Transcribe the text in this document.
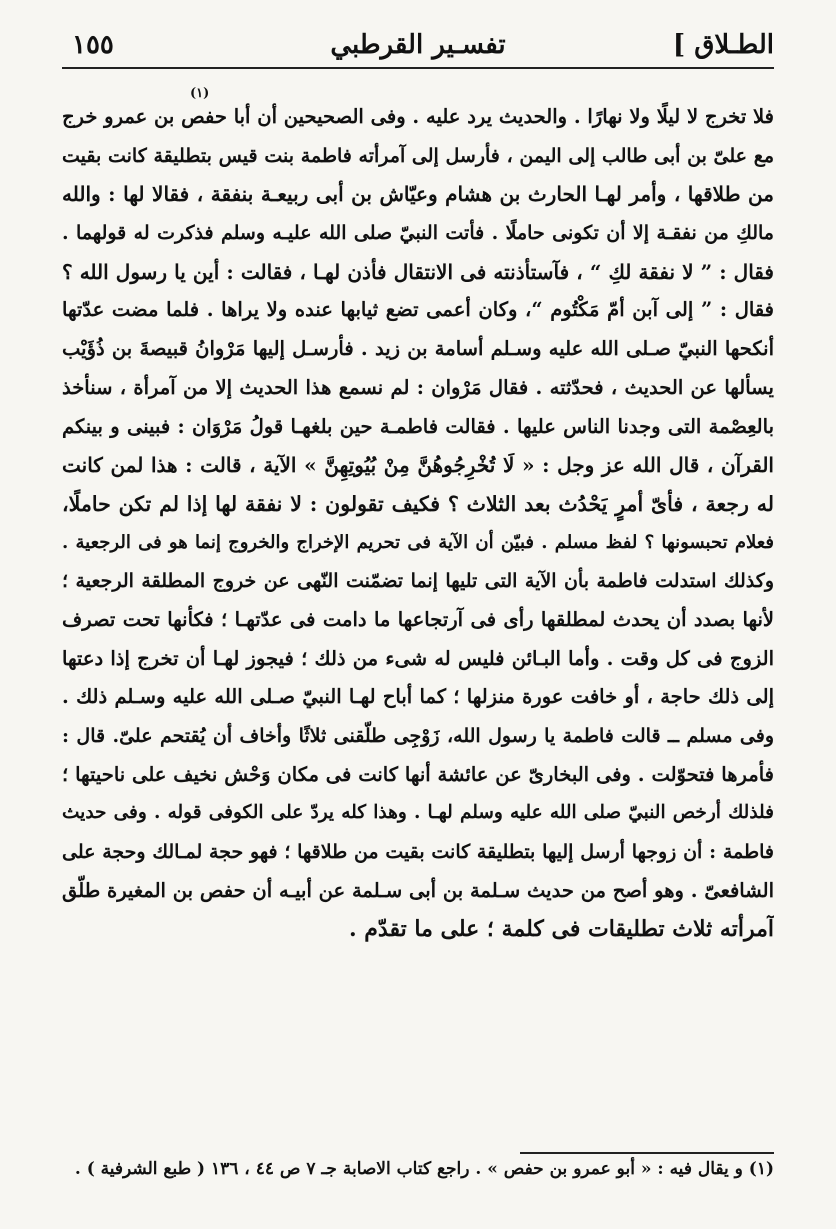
الطـلاق ]
تفسـير القرطبي
١٥٥
(١)
فلا تخرج لا ليلًا ولا نهارًا . والحديث يرد عليه . وفى الصحيحين أن أبا حفص بن عمرو خرج
مع علىّ بن أبى طالب إلى اليمن ، فأرسل إلى آمرأته فاطمة بنت قيس بتطليقة كانت بقيت
من طلاقها ، وأمر لهـا الحارث بن هشام وعيّاش بن أبى ربيعـة بنفقة ، فقالا لها : والله
مالكِ من نفقـة إلا أن تكونى حاملًا . فأتت النبيّ صلى الله عليـه وسلم فذكرت له قولهما .
فقال : ” لا نفقة لكِ “ ، فآستأذنته فى الانتقال فأذن لهـا ، فقالت : أين يا رسول الله ؟
فقال : ” إلى آبن أمّ مَكْتُوم “، وكان أعمى تضع ثيابها عنده ولا يراها . فلما مضت عدّتها
أنكحها النبيّ صـلى الله عليه وسـلم أسامة بن زيد . فأرسـل إليها مَرْوانُ قبيصةَ بن ذُؤَيْب
يسألها عن الحديث ، فحدّثته . فقال مَرْوان : لم نسمع هذا الحديث إلا من آمرأة ، سنأخذ
بالعِصْمة التى وجدنا الناس عليها . فقالت فاطمـة حين بلغهـا قولُ مَرْوَان : فبينى و بينكم
القرآن ، قال الله عز وجل : « لَا تُخْرِجُوهُنَّ مِنْ بُيُوتِهِنَّ » الآية ، قالت : هذا لمن كانت
له رجعة ، فأىّ أمرٍ يَحْدُث بعد الثلاث ؟ فكيف تقولون : لا نفقة لها إذا لم تكن حاملًا،
فعلام تحبسونها ؟ لفظ مسلم . فبيّن أن الآية فى تحريم الإخراج والخروج إنما هو فى الرجعية .
وكذلك استدلت فاطمة بأن الآية التى تليها إنما تضمّنت النّهى عن خروج المطلقة الرجعية ؛
لأنها بصدد أن يحدث لمطلقها رأى فى آرتجاعها ما دامت فى عدّتهـا ؛ فكأنها تحت تصرف
الزوج فى كل وقت . وأما البـائن فليس له شىء من ذلك ؛ فيجوز لهـا أن تخرج إذا دعتها
إلى ذلك حاجة ، أو خافت عورة منزلها ؛ كما أباح لهـا النبيّ صـلى الله عليه وسـلم ذلك .
وفى مسلم ــ قالت فاطمة يا رسول الله، زَوْجِى طلّقنى ثلاثًا وأخاف أن يُقتحم علىّ. قال :
فأمرها فتحوّلت . وفى البخارىّ عن عائشة أنها كانت فى مكان وَحْش نخيف على ناحيتها ؛
فلذلك أرخص النبيّ صلى الله عليه وسلم لهـا . وهذا كله يردّ على الكوفى قوله . وفى حديث
فاطمة : أن زوجها أرسل إليها بتطليقة كانت بقيت من طلاقها ؛ فهو حجة لمـالك وحجة على
الشافعىّ . وهو أصح من حديث سـلمة بن أبى سـلمة عن أبيـه أن حفص بن المغيرة طلّق
آمرأته ثلاث تطليقات فى كلمة ؛ على ما تقدّم .
(١) و يقال فيه : « أبو عمرو بن حفص » . راجع كتاب الاصابة جـ ٧ ص ٤٤ ، ١٣٦ ( طبع الشرفية ) .
